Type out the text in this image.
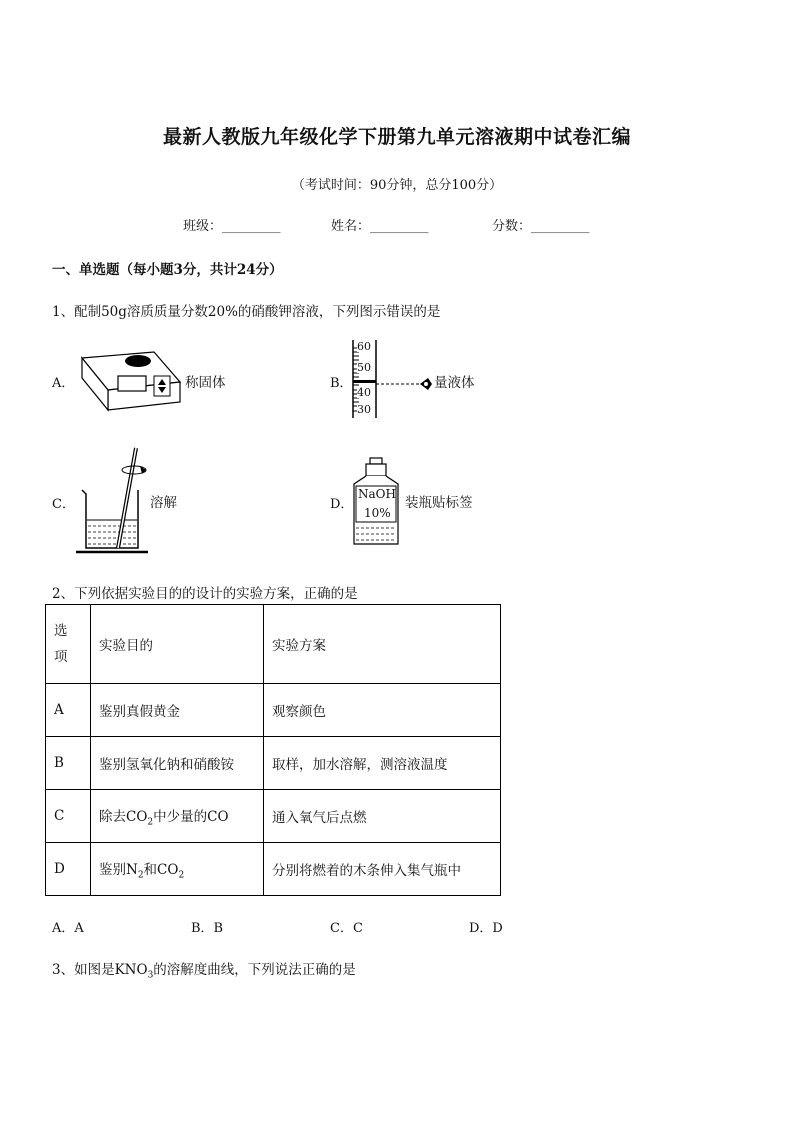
最新人教版九年级化学下册第九单元溶液期中试卷汇编
（考试时间：90分钟，总分100分）
班级：_________	姓名：_________	分数：_________
一、单选题（每小题3分，共计24分）
1、配制50g溶质质量分数20%的硝酸钾溶液，下列图示错误的是
A．	称固体	B．
60
50
40
30
量液体
C．	溶解	D．
NaOH
10%
装瓶贴标签
2、下列依据实验目的的设计的实验方案，正确的是
选
项	实验目的	实验方案
A	鉴别真假黄金	观察颜色
B	鉴别氢氧化钠和硝酸铵	取样，加水溶解，测溶液温度
C	除去$CO_2$中少量的CO	通入氧气后点燃
D	鉴别$N_2$和$CO_2$	分别将燃着的木条伸入集气瓶中
A．A	B．B	C．C	D．D
3、如图是$KNO_3$的溶解度曲线，下列说法正确的是
